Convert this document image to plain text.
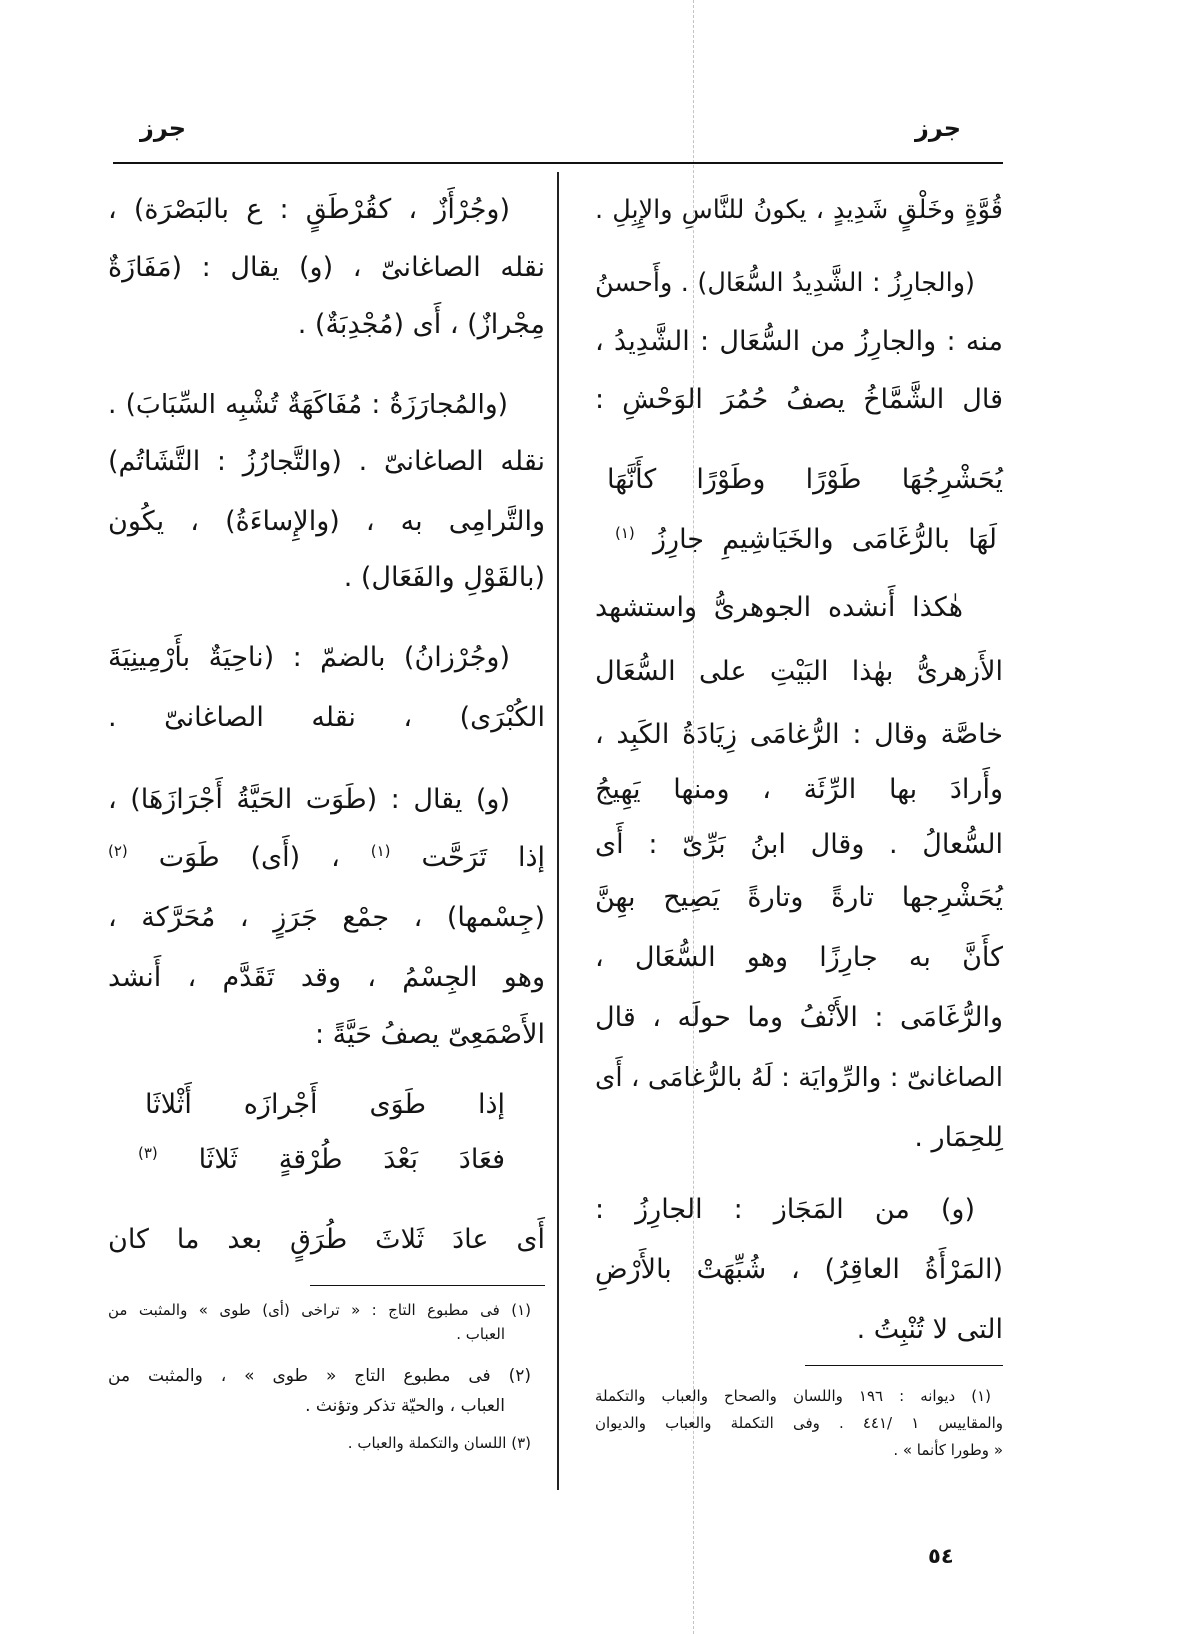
جرز
جرز
قُوَّةٍ وخَلْقٍ شَدِيدٍ ، يكونُ للنَّاسِ والإِبِلِ .
(والجارِزُ : الشَّدِيدُ السُّعَال) . وأَحسنُ
منه : والجارِزُ من السُّعَال : الشَّدِيدُ ،
قال الشَّمَّاخُ يصفُ حُمُرَ الوَحْشِ :
يُحَشْرِجُهَا طَوْرًا وطَوْرًا كأَنَّهَا
لَهَا بالرُّغَامَى والخَيَاشِيمِ جارِزُ $^{(١)}$
هٰكذا أَنشده الجوهرىُّ واستشهد
الأَزهرىُّ بهٰذا البَيْتِ على السُّعَال
خاصَّة وقال : الرُّغامَى زِيَادَةُ الكَبِد ،
وأَرادَ بها الرِّئَة ، ومنها يَهِيجُ
السُّعالُ . وقال ابنُ بَرِّىّ : أَى
يُحَشْرِجها تارةً وتارةً يَصِيح بهِنَّ
كأَنَّ به جارِزًا وهو السُّعَال ،
والرُّغَامَى : الأَنْفُ وما حولَه ، قال
الصاغانىّ : والرِّوايَة : لَهُ بالرُّغامَى ، أَى
لِلحِمَار .
(و) من المَجَاز : الجارِزُ :
(المَرْأَةُ العاقِرُ) ، شُبِّهَتْ بالأَرْضِ
التى لا تُنْبِتُ .
(١) ديوانه : ١٩٦ واللسان والصحاح والعباب والتكملة
والمقاييس ١ /٤٤١ . وفى التكملة والعباب والديوان
« وطورا كأنما » .
(وجُرْأَزٌ ، كقُرْطَقٍ : ع بالبَصْرَة) ،
نقله الصاغانىّ ، (و) يقال : (مَفَازَةٌ
مِجْرازٌ) ، أَى (مُجْدِبَةٌ) .
(والمُجارَزَةُ : مُفَاكَهَةٌ تُشْبِه السِّبَابَ) .
نقله الصاغانىّ . (والتَّجارُزُ : التَّشَاتُم)
والتَّرامِى به ، (والإِساءَةُ) ، يكُون
(بالقَوْلِ والفَعَال) .
(وجُرْزانُ) بالضمّ : (ناحِيَةٌ بأَرْمِينِيَةَ
الكُبْرَى) ، نقله الصاغانىّ .
(و) يقال : (طَوَت الحَيَّةُ أَجْرَازَهَا) ،
إذا تَرَحَّت $^{(١)}$ ، (أَى) طَوَت $^{(٢)}$
(جِسْمها) ، جمْع جَرَزٍ ، مُحَرَّكة ،
وهو الجِسْمُ ، وقد تَقَدَّم ، أَنشد
الأَصْمَعِىّ يصفُ حَيَّةً :
إذا طَوَى أَجْرازَه أَثْلاثَا
فعَادَ بَعْدَ طُرْقةٍ ثَلاثَا $^{(٣)}$
أَى عادَ ثَلاثَ طُرَقٍ بعد ما كان
(١) فى مطبوع التاج : « تراخى (أى) طوى » والمثبت من
العباب .
(٢) فى مطبوع التاج « طوى » ، والمثبت من
العباب ، والحيّة تذكر وتؤنث .
(٣) اللسان والتكملة والعباب .
٥٤
